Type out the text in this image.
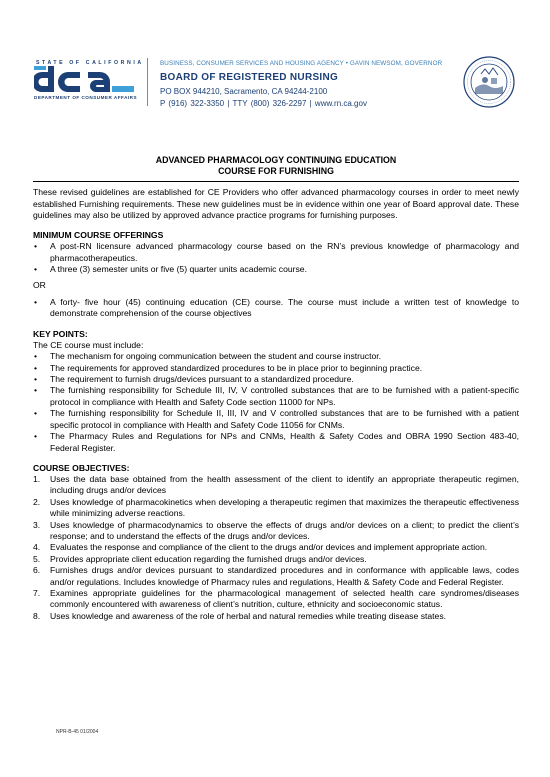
STATE OF CALIFORNIA
DEPARTMENT OF CONSUMER AFFAIRS
BUSINESS, CONSUMER SERVICES AND HOUSING AGENCY • GAVIN NEWSOM, GOVERNOR
BOARD OF REGISTERED NURSING
PO BOX 944210, Sacramento, CA 94244-2100
P (916) 322-3350 | TTY (800) 326-2297 | www.rn.ca.gov
ADVANCED PHARMACOLOGY CONTINUING EDUCATION
COURSE FOR FURNISHING

These revised guidelines are established for CE Providers who offer advanced pharmacology courses in order to meet newly established Furnishing requirements. These new guidelines must be in evidence within one year of Board approval date. These guidelines may also be utilized by approved advance practice programs for furnishing purposes.

MINIMUM COURSE OFFERINGS
• A post-RN licensure advanced pharmacology course based on the RN’s previous knowledge of pharmacology and pharmacotherapeutics.
• A three (3) semester units or five (5) quarter units academic course.
OR
• A forty- five hour (45) continuing education (CE) course. The course must include a written test of knowledge to demonstrate comprehension of the course objectives
KEY POINTS:
The CE course must include:
• The mechanism for ongoing communication between the student and course instructor.
• The requirements for approved standardized procedures to be in place prior to beginning practice.
• The requirement to furnish drugs/devices pursuant to a standardized procedure.
• The furnishing responsibility for Schedule III, IV, V controlled substances that are to be furnished with a patient-specific protocol in compliance with Health and Safety Code section 11000 for NPs.
• The furnishing responsibility for Schedule II, III, IV and V controlled substances that are to be furnished with a patient specific protocol in compliance with Health and Safety Code 11056 for CNMs.
• The Pharmacy Rules and Regulations for NPs and CNMs, Health & Safety Codes and OBRA 1990 Section 483-40, Federal Register.
COURSE OBJECTIVES:
1. Uses the data base obtained from the health assessment of the client to identify an appropriate therapeutic regimen, including drugs and/or devices
2. Uses knowledge of pharmacokinetics when developing a therapeutic regimen that maximizes the therapeutic effectiveness while minimizing adverse reactions.
3. Uses knowledge of pharmacodynamics to observe the effects of drugs and/or devices on a client; to predict the client’s response; and to understand the effects of the drugs and/or devices.
4. Evaluates the response and compliance of the client to the drugs and/or devices and implement appropriate action.
5. Provides appropriate client education regarding the furnished drugs and/or devices.
6. Furnishes drugs and/or devices pursuant to standardized procedures and in conformance with applicable laws, codes and/or regulations. Includes knowledge of Pharmacy rules and regulations, Health & Safety Code and Federal Register.
7. Examines appropriate guidelines for the pharmacological management of selected health care syndromes/diseases commonly encountered with awareness of client’s nutrition, culture, ethnicity and socioeconomic status.
8. Uses knowledge and awareness of the role of herbal and natural remedies while treating disease states.
NPR-B-45 01/2004
